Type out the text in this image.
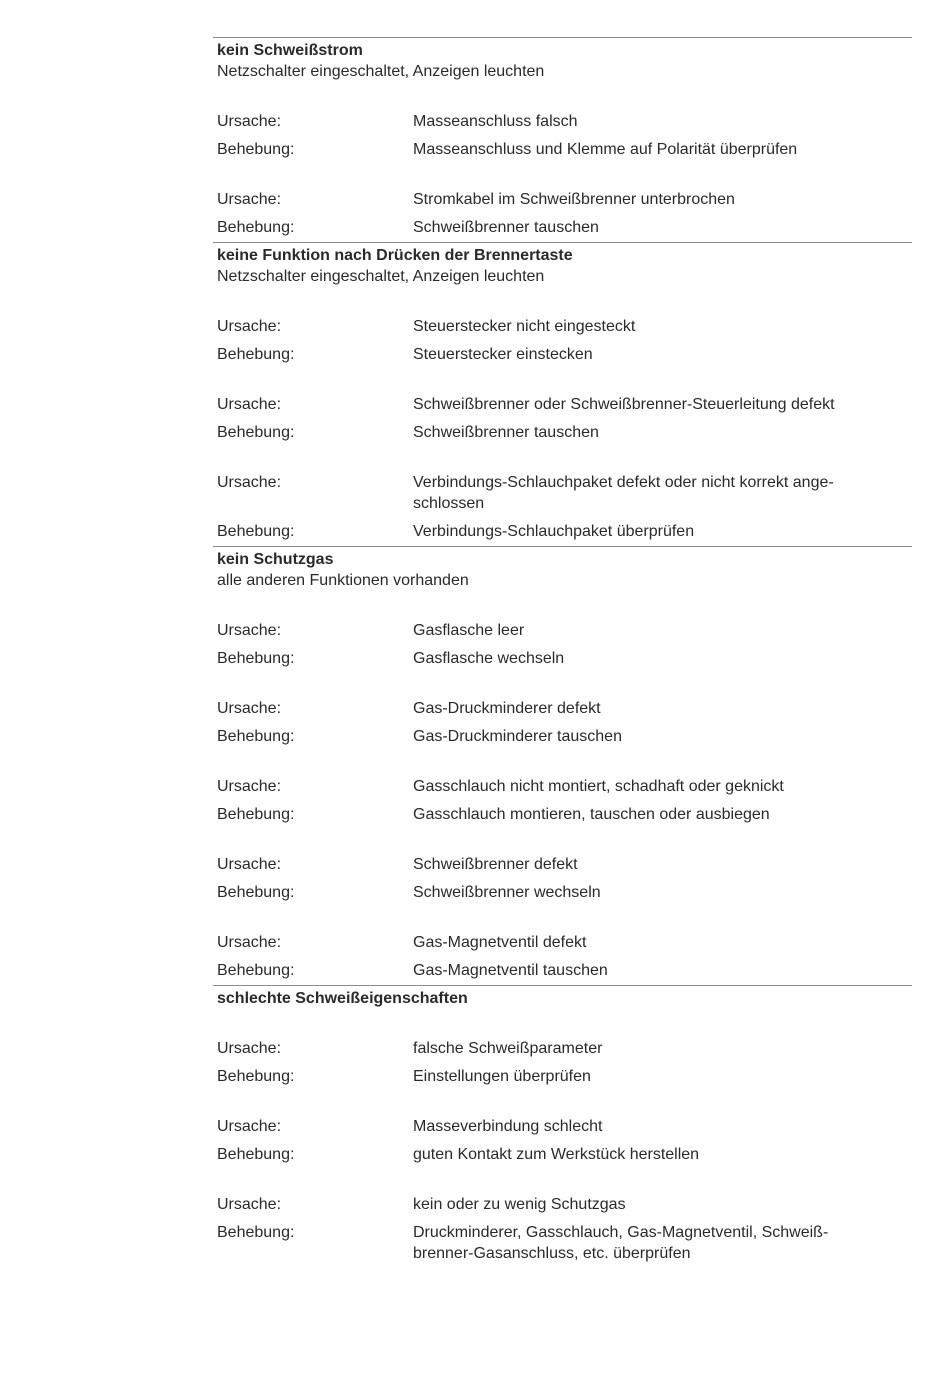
kein Schweißstrom
Netzschalter eingeschaltet, Anzeigen leuchten
Ursache:	Masseanschluss falsch
Behebung:	Masseanschluss und Klemme auf Polarität überprüfen
Ursache:	Stromkabel im Schweißbrenner unterbrochen
Behebung:	Schweißbrenner tauschen
keine Funktion nach Drücken der Brennertaste
Netzschalter eingeschaltet, Anzeigen leuchten
Ursache:	Steuerstecker nicht eingesteckt
Behebung:	Steuerstecker einstecken
Ursache:	Schweißbrenner oder Schweißbrenner-Steuerleitung defekt
Behebung:	Schweißbrenner tauschen
Ursache:	Verbindungs-Schlauchpaket defekt oder nicht korrekt ange-schlossen
Behebung:	Verbindungs-Schlauchpaket überprüfen
kein Schutzgas
alle anderen Funktionen vorhanden
Ursache:	Gasflasche leer
Behebung:	Gasflasche wechseln
Ursache:	Gas-Druckminderer defekt
Behebung:	Gas-Druckminderer tauschen
Ursache:	Gasschlauch nicht montiert, schadhaft oder geknickt
Behebung:	Gasschlauch montieren, tauschen oder ausbiegen
Ursache:	Schweißbrenner defekt
Behebung:	Schweißbrenner wechseln
Ursache:	Gas-Magnetventil defekt
Behebung:	Gas-Magnetventil tauschen
schlechte Schweißeigenschaften
Ursache:	falsche Schweißparameter
Behebung:	Einstellungen überprüfen
Ursache:	Masseverbindung schlecht
Behebung:	guten Kontakt zum Werkstück herstellen
Ursache:	kein oder zu wenig Schutzgas
Behebung:	Druckminderer, Gasschlauch, Gas-Magnetventil, Schweiß-brenner-Gasanschluss, etc. überprüfen
